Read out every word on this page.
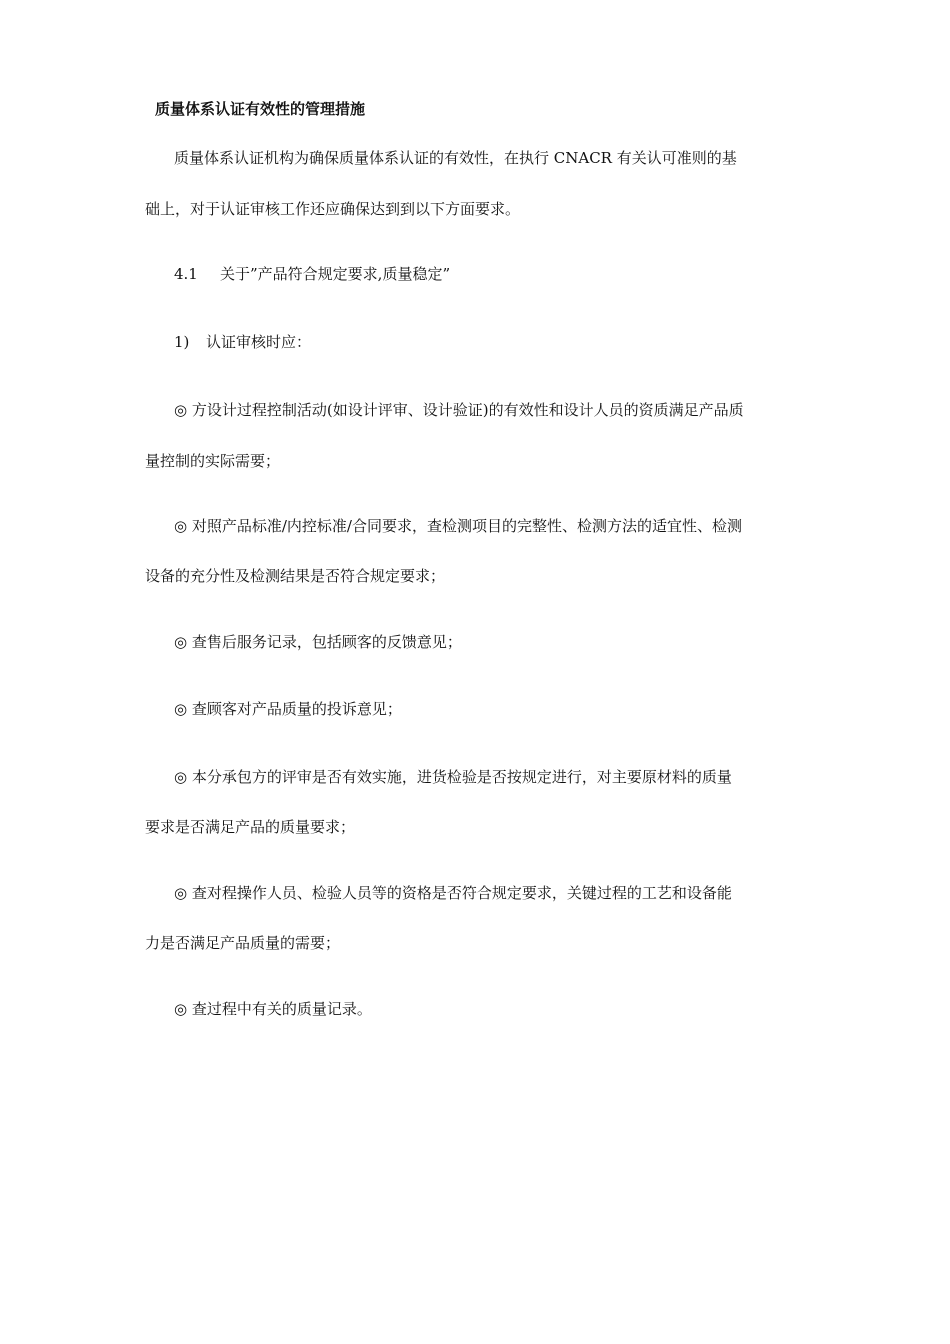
质量体系认证有效性的管理措施
质量体系认证机构为确保质量体系认证的有效性，在执行 CNACR 有关认可准则的基
础上，对于认证审核工作还应确保达到到以下方面要求。
4.1 关于”产品符合规定要求,质量稳定”
1) 认证审核时应：
◎ 方设计过程控制活动(如设计评审、设计验证)的有效性和设计人员的资质满足产品质
量控制的实际需要；
◎ 对照产品标准/内控标准/合同要求，查检测项目的完整性、检测方法的适宜性、检测
设备的充分性及检测结果是否符合规定要求；
◎ 查售后服务记录，包括顾客的反馈意见；
◎ 查顾客对产品质量的投诉意见；
◎ 本分承包方的评审是否有效实施，进货检验是否按规定进行，对主要原材料的质量
要求是否满足产品的质量要求；
◎ 查对程操作人员、检验人员等的资格是否符合规定要求，关键过程的工艺和设备能
力是否满足产品质量的需要；
◎ 查过程中有关的质量记录。
